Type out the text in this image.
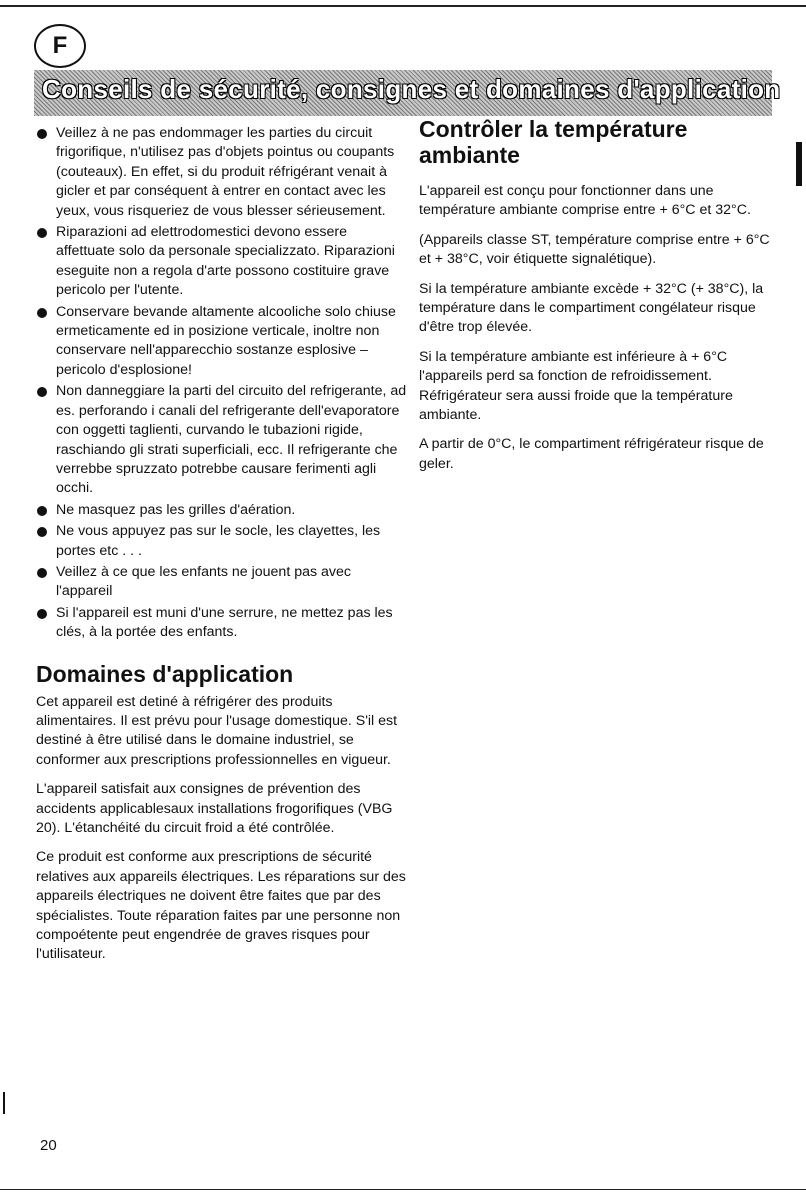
F
Conseils de sécurité, consignes et domaines d'application
Veillez à ne pas endommager les parties du circuit frigorifique, n'utilisez pas d'objets pointus ou coupants (couteaux). En effet, si du produit réfrigérant venait à gicler et par conséquent à entrer en contact avec les yeux, vous risqueriez de vous blesser sérieusement.
Riparazioni ad elettrodomestici devono essere affettuate solo da personale specializzato. Riparazioni eseguite non a regola d'arte possono costituire grave pericolo per l'utente.
Conservare bevande altamente alcooliche solo chiuse ermeticamente ed in posizione verticale, inoltre non conservare nell'apparecchio sostanze esplosive – pericolo d'esplosione!
Non danneggiare la parti del circuito del refrigerante, ad es. perforando i canali del refrigerante dell'evaporatore con oggetti taglienti, curvando le tubazioni rigide, raschiando gli strati superficiali, ecc. Il refrigerante che verrebbe spruzzato potrebbe causare ferimenti agli occhi.
Ne masquez pas les grilles d'aération.
Ne vous appuyez pas sur le socle, les clayettes, les portes etc . . .
Veillez à ce que les enfants ne jouent pas avec l'appareil
Si l'appareil est muni d'une serrure, ne mettez pas les clés, à la portée des enfants.
Domaines d'application

Cet appareil est detiné à réfrigérer des produits alimentaires. Il est prévu pour l'usage domestique. S'il est destiné à être utilisé dans le domaine industriel, se conformer aux prescriptions professionnelles en vigueur.

L'appareil satisfait aux consignes de prévention des accidents applicablesaux installations frogorifiques (VBG 20). L'étanchéité du circuit froid a été contrôlée.

Ce produit est conforme aux prescriptions de sécurité relatives aux appareils électriques. Les réparations sur des appareils électriques ne doivent être faites que par des spécialistes. Toute réparation faites par une personne non compoétente peut engendrée de graves risques pour l'utilisateur.

Contrôler la température ambiante

L'appareil est conçu pour fonctionner dans une température ambiante comprise entre + 6°C et 32°C.

(Appareils classe ST, température comprise entre + 6°C et + 38°C, voir étiquette signalétique).

Si la température ambiante excède + 32°C (+ 38°C), la température dans le compartiment congélateur risque d'être trop élevée.

Si la température ambiante est inférieure à + 6°C l'appareils perd sa fonction de refroidissement. Réfrigérateur sera aussi froide que la température ambiante.

A partir de 0°C, le compartiment réfrigérateur risque de geler.

20
